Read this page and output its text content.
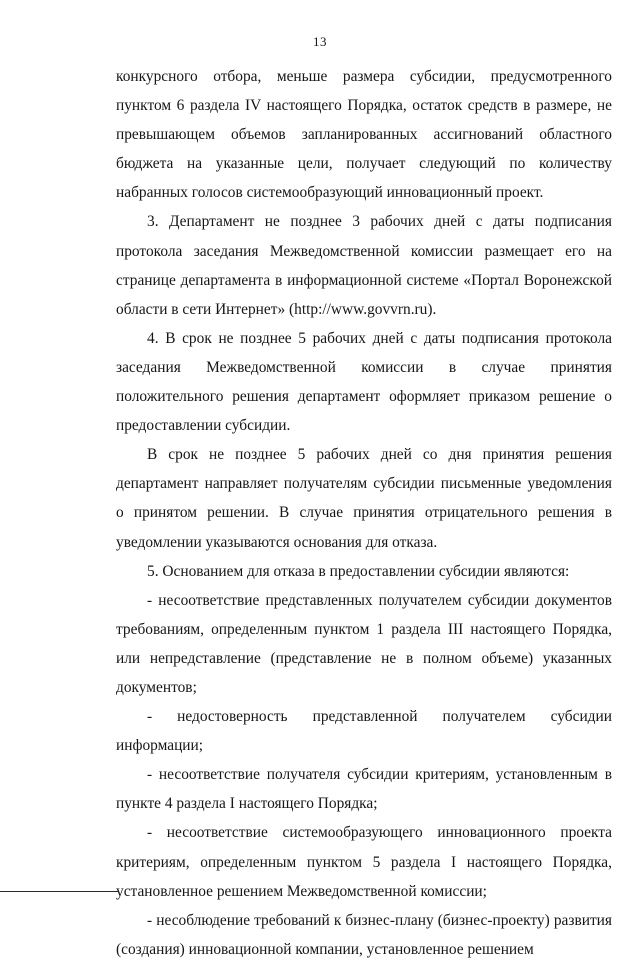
13

конкурсного отбора, меньше размера субсидии, предусмотренного пунктом 6 раздела IV настоящего Порядка, остаток средств в размере, не превышающем объемов запланированных ассигнований областного бюджета на указанные цели, получает следующий по количеству набранных голосов системообразующий инновационный проект.

3. Департамент не позднее 3 рабочих дней с даты подписания протокола заседания Межведомственной комиссии размещает его на странице департамента в информационной системе «Портал Воронежской области в сети Интернет» (http://www.govvrn.ru).

4. В срок не позднее 5 рабочих дней с даты подписания протокола заседания Межведомственной комиссии в случае принятия положительного решения департамент оформляет приказом решение о предоставлении субсидии.

В срок не позднее 5 рабочих дней со дня принятия решения департамент направляет получателям субсидии письменные уведомления о принятом решении. В случае принятия отрицательного решения в уведомлении указываются основания для отказа.

5. Основанием для отказа в предоставлении субсидии являются:

- несоответствие представленных получателем субсидии документов требованиям, определенным пунктом 1 раздела III настоящего Порядка, или непредставление (представление не в полном объеме) указанных документов;

- недостоверность представленной получателем субсидии информации;

- несоответствие получателя субсидии критериям, установленным в пункте 4 раздела I настоящего Порядка;

- несоответствие системообразующего инновационного проекта критериям, определенным пунктом 5 раздела I настоящего Порядка, установленное решением Межведомственной комиссии;

- несоблюдение требований к бизнес-плану (бизнес-проекту) развития (создания) инновационной компании, установленное решением
